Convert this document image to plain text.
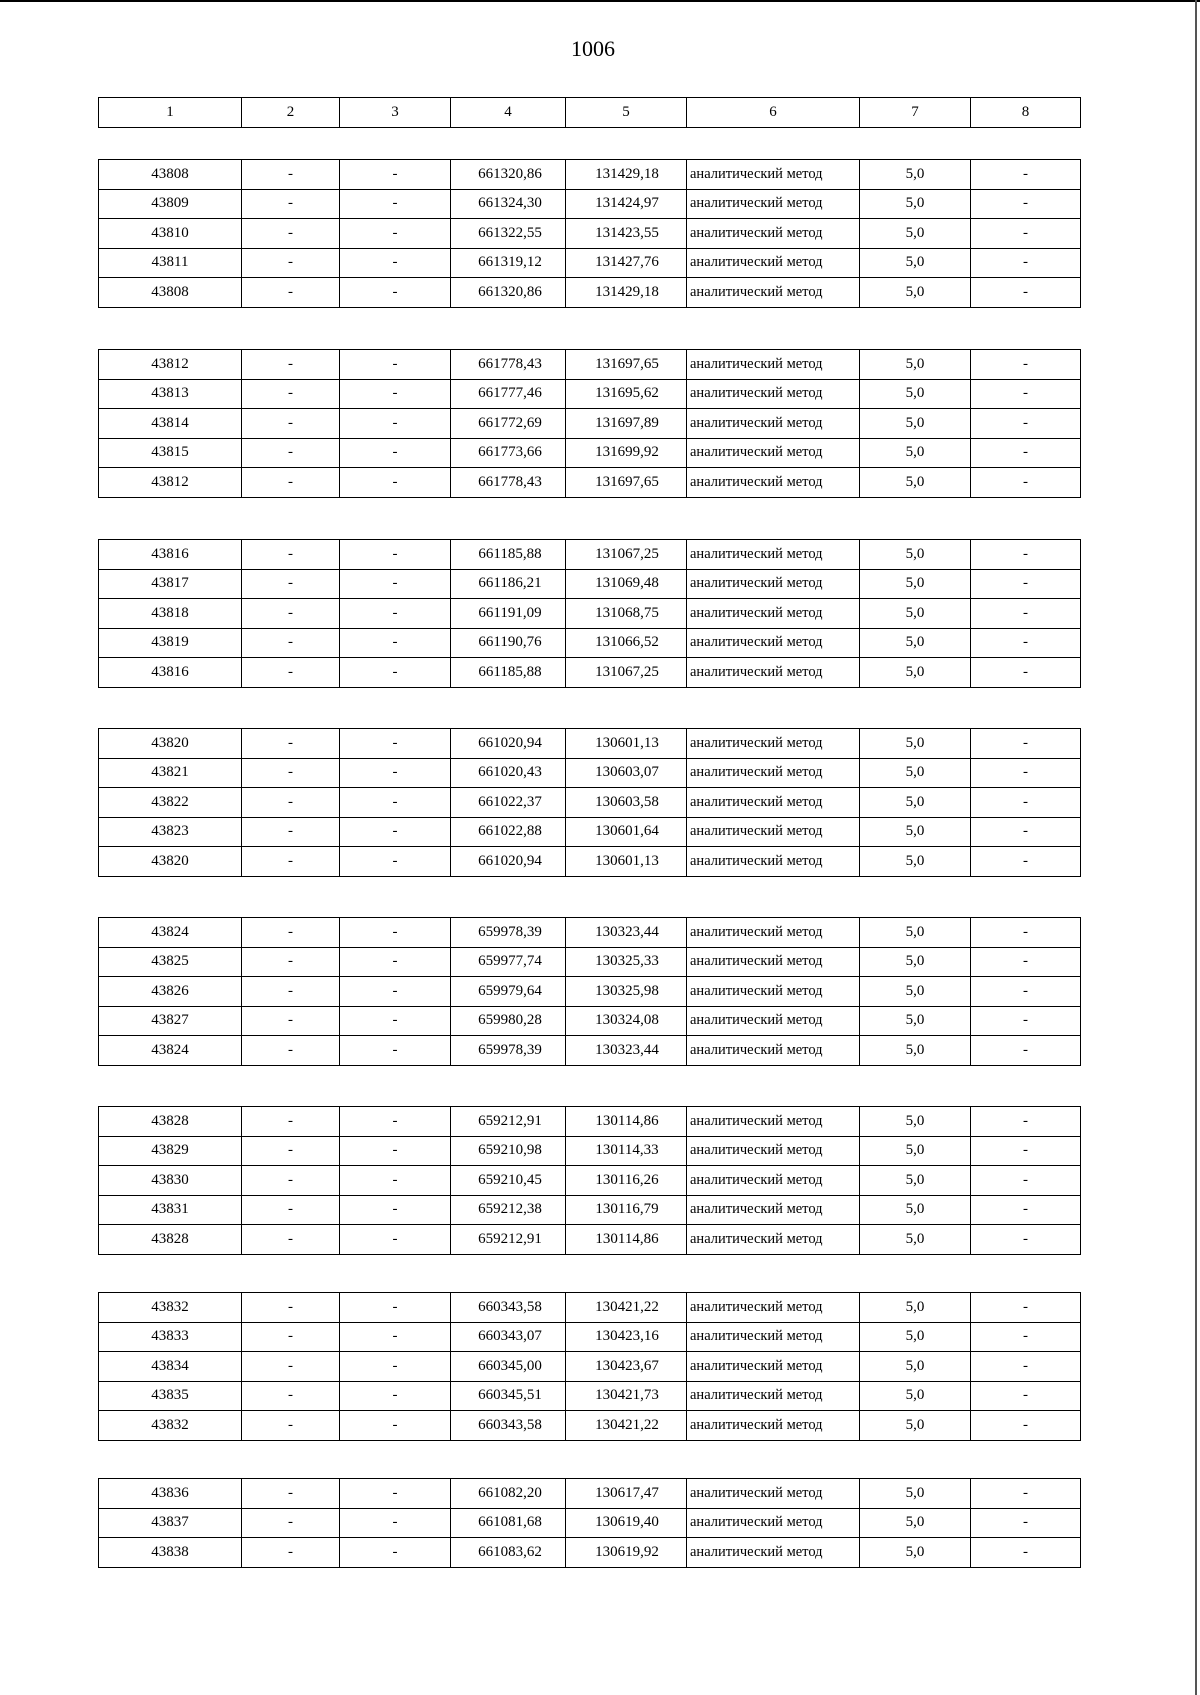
1006
1	2	3	4	5	6	7	8
43808	-	-	661320,86	131429,18	аналитический метод	5,0	-
43809	-	-	661324,30	131424,97	аналитический метод	5,0	-
43810	-	-	661322,55	131423,55	аналитический метод	5,0	-
43811	-	-	661319,12	131427,76	аналитический метод	5,0	-
43808	-	-	661320,86	131429,18	аналитический метод	5,0	-
43812	-	-	661778,43	131697,65	аналитический метод	5,0	-
43813	-	-	661777,46	131695,62	аналитический метод	5,0	-
43814	-	-	661772,69	131697,89	аналитический метод	5,0	-
43815	-	-	661773,66	131699,92	аналитический метод	5,0	-
43812	-	-	661778,43	131697,65	аналитический метод	5,0	-
43816	-	-	661185,88	131067,25	аналитический метод	5,0	-
43817	-	-	661186,21	131069,48	аналитический метод	5,0	-
43818	-	-	661191,09	131068,75	аналитический метод	5,0	-
43819	-	-	661190,76	131066,52	аналитический метод	5,0	-
43816	-	-	661185,88	131067,25	аналитический метод	5,0	-
43820	-	-	661020,94	130601,13	аналитический метод	5,0	-
43821	-	-	661020,43	130603,07	аналитический метод	5,0	-
43822	-	-	661022,37	130603,58	аналитический метод	5,0	-
43823	-	-	661022,88	130601,64	аналитический метод	5,0	-
43820	-	-	661020,94	130601,13	аналитический метод	5,0	-
43824	-	-	659978,39	130323,44	аналитический метод	5,0	-
43825	-	-	659977,74	130325,33	аналитический метод	5,0	-
43826	-	-	659979,64	130325,98	аналитический метод	5,0	-
43827	-	-	659980,28	130324,08	аналитический метод	5,0	-
43824	-	-	659978,39	130323,44	аналитический метод	5,0	-
43828	-	-	659212,91	130114,86	аналитический метод	5,0	-
43829	-	-	659210,98	130114,33	аналитический метод	5,0	-
43830	-	-	659210,45	130116,26	аналитический метод	5,0	-
43831	-	-	659212,38	130116,79	аналитический метод	5,0	-
43828	-	-	659212,91	130114,86	аналитический метод	5,0	-
43832	-	-	660343,58	130421,22	аналитический метод	5,0	-
43833	-	-	660343,07	130423,16	аналитический метод	5,0	-
43834	-	-	660345,00	130423,67	аналитический метод	5,0	-
43835	-	-	660345,51	130421,73	аналитический метод	5,0	-
43832	-	-	660343,58	130421,22	аналитический метод	5,0	-
43836	-	-	661082,20	130617,47	аналитический метод	5,0	-
43837	-	-	661081,68	130619,40	аналитический метод	5,0	-
43838	-	-	661083,62	130619,92	аналитический метод	5,0	-
